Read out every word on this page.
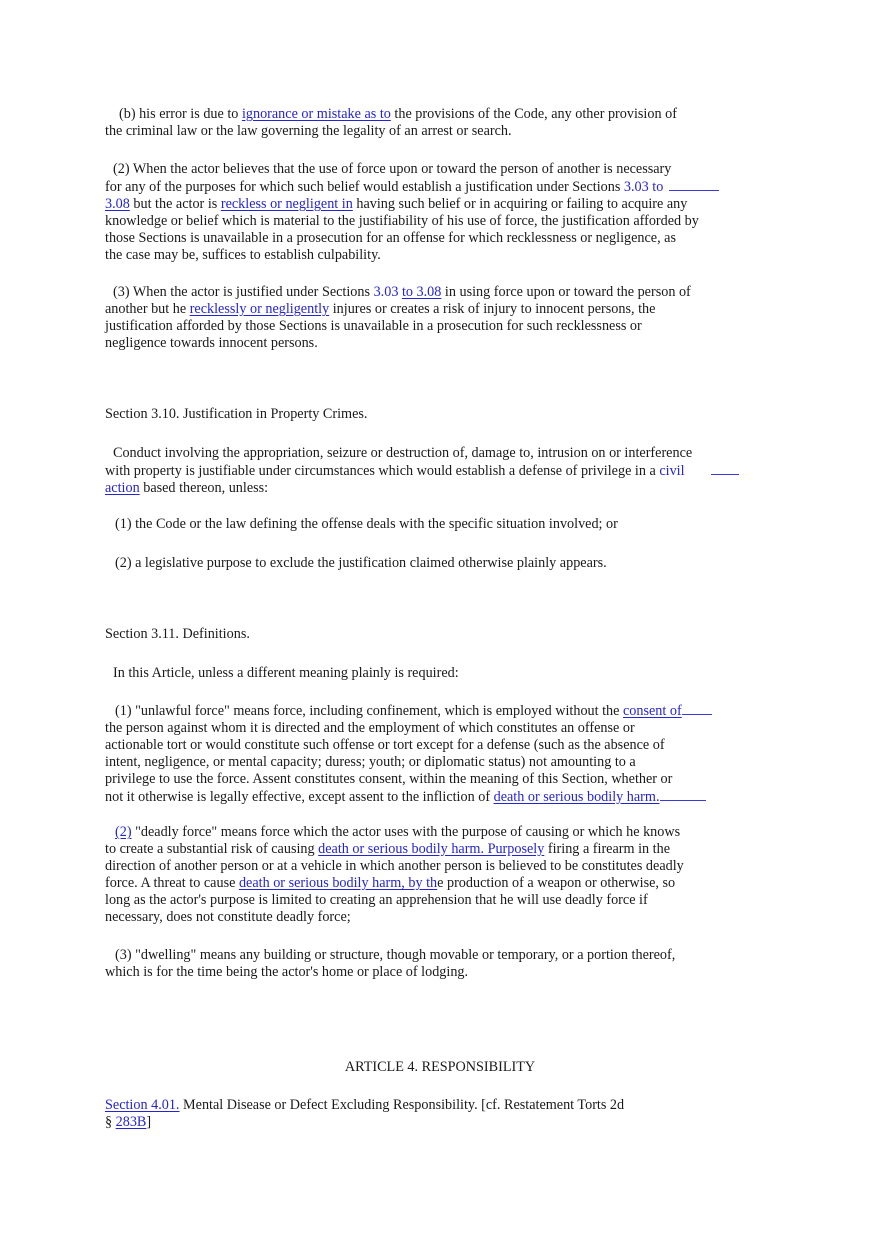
(b) his error is due to ignorance or mistake as to the provisions of the Code, any other provision of
the criminal law or the law governing the legality of an arrest or search.
(2) When the actor believes that the use of force upon or toward the person of another is necessary
for any of the purposes for which such belief would establish a justification under Sections 3.03 to
3.08 but the actor is reckless or negligent in having such belief or in acquiring or failing to acquire any
knowledge or belief which is material to the justifiability of his use of force, the justification afforded by
those Sections is unavailable in a prosecution for an offense for which recklessness or negligence, as
the case may be, suffices to establish culpability.
(3) When the actor is justified under Sections 3.03 to 3.08 in using force upon or toward the person of
another but he recklessly or negligently injures or creates a risk of injury to innocent persons, the
justification afforded by those Sections is unavailable in a prosecution for such recklessness or
negligence towards innocent persons.
Section 3.10. Justification in Property Crimes.
Conduct involving the appropriation, seizure or destruction of, damage to, intrusion on or interference
with property is justifiable under circumstances which would establish a defense of privilege in a civil
action based thereon, unless:
(1) the Code or the law defining the offense deals with the specific situation involved; or
(2) a legislative purpose to exclude the justification claimed otherwise plainly appears.
Section 3.11. Definitions.
In this Article, unless a different meaning plainly is required:
(1) "unlawful force" means force, including confinement, which is employed without the consent of
the person against whom it is directed and the employment of which constitutes an offense or
actionable tort or would constitute such offense or tort except for a defense (such as the absence of
intent, negligence, or mental capacity; duress; youth; or diplomatic status) not amounting to a
privilege to use the force. Assent constitutes consent, within the meaning of this Section, whether or
not it otherwise is legally effective, except assent to the infliction of death or serious bodily harm.
(2) "deadly force" means force which the actor uses with the purpose of causing or which he knows
to create a substantial risk of causing death or serious bodily harm. Purposely firing a firearm in the
direction of another person or at a vehicle in which another person is believed to be constitutes deadly
force. A threat to cause death or serious bodily harm, by the production of a weapon or otherwise, so
long as the actor's purpose is limited to creating an apprehension that he will use deadly force if
necessary, does not constitute deadly force;
(3) "dwelling" means any building or structure, though movable or temporary, or a portion thereof,
which is for the time being the actor's home or place of lodging.
ARTICLE 4. RESPONSIBILITY
Section 4.01. Mental Disease or Defect Excluding Responsibility. [cf. Restatement Torts 2d
§ 283B]
